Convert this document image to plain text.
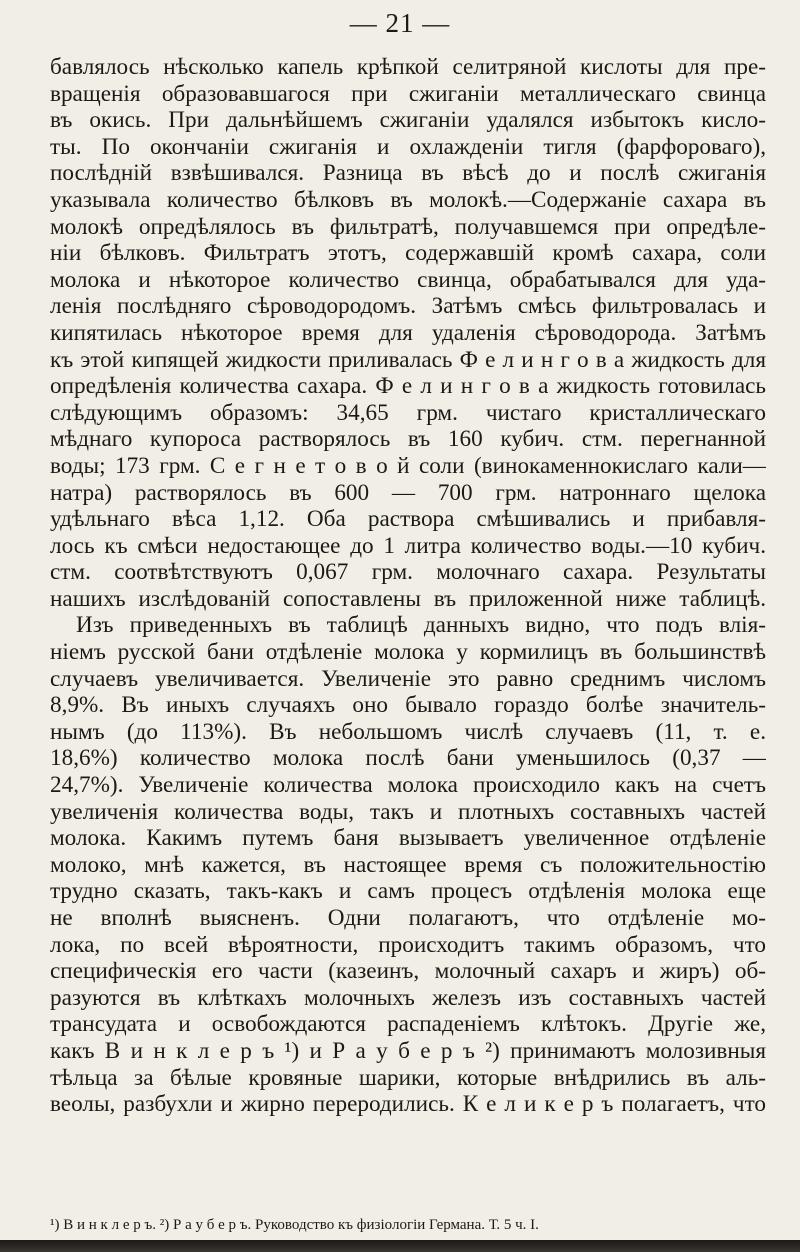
— 21 —
бавлялось нѣсколько капель крѣпкой селитряной кислоты для пре-
вращенія образовавшагося при сжиганіи металлическаго свинца
въ окись. При дальнѣйшемъ сжиганіи удалялся избытокъ кисло-
ты. По окончаніи сжиганія и охлажденіи тигля (фарфороваго),
послѣдній взвѣшивался. Разница въ вѣсѣ до и послѣ сжиганія
указывала количество бѣлковъ въ молокѣ.—Содержаніе сахара въ
молокѣ опредѣлялось въ фильтратѣ, получавшемся при опредѣле-
ніи бѣлковъ. Фильтратъ этотъ, содержавшій кромѣ сахара, соли
молока и нѣкоторое количество свинца, обрабатывался для уда-
ленія послѣдняго сѣроводородомъ. Затѣмъ смѣсь фильтровалась и
кипятилась нѣкоторое время для удаленія сѣроводорода. Затѣмъ
къ этой кипящей жидкости приливалась Ф е л и н г о в а жидкость для
опредѣленія количества сахара. Ф е л и н г о в а жидкость готовилась
слѣдующимъ образомъ: 34,65 грм. чистаго кристаллическаго
мѣднаго купороса растворялось въ 160 кубич. стм. перегнанной
воды; 173 грм. С е г н е т о в о й соли (винокаменнокислаго кали—
натра) растворялось въ 600 — 700 грм. натроннаго щелока
удѣльнаго вѣса 1,12. Оба раствора смѣшивались и прибавля-
лось къ смѣси недостающее до 1 литра количество воды.—10 кубич.
стм. соотвѣтствуютъ 0,067 грм. молочнаго сахара. Результаты
нашихъ изслѣдованій сопоставлены въ приложенной ниже таблицѣ.
Изъ приведенныхъ въ таблицѣ данныхъ видно, что подъ влія-
ніемъ русской бани отдѣленіе молока у кормилицъ въ большинствѣ
случаевъ увеличивается. Увеличеніе это равно среднимъ числомъ
8,9%. Въ иныхъ случаяхъ оно бывало гораздо болѣе значитель-
нымъ (до 113%). Въ небольшомъ числѣ случаевъ (11, т. е.
18,6%) количество молока послѣ бани уменьшилось (0,37 —
24,7%). Увеличеніе количества молока происходило какъ на счетъ
увеличенія количества воды, такъ и плотныхъ составныхъ частей
молока. Какимъ путемъ баня вызываетъ увеличенное отдѣленіе
молоко, мнѣ кажется, въ настоящее время съ положительностію
трудно сказать, такъ-какъ и самъ процесъ отдѣленія молока еще
не вполнѣ выясненъ. Одни полагаютъ, что отдѣленіе мо-
лока, по всей вѣроятности, происходитъ такимъ образомъ, что
специфическія его части (казеинъ, молочный сахаръ и жиръ) об-
разуются въ клѣткахъ молочныхъ железъ изъ составныхъ частей
трансудата и освобождаются распаденіемъ клѣтокъ. Другіе же,
какъ В и н к л е р ъ ¹) и Р а у б е р ъ ²) принимаютъ молозивныя
тѣльца за бѣлые кровяные шарики, которые внѣдрились въ аль-
веолы, разбухли и жирно переродились. К е л и к е р ъ полагаетъ, что
¹) В и н к л е р ъ. ²) Р а у б е р ъ. Руководство къ физіологіи Германа. Т. 5 ч. I.
